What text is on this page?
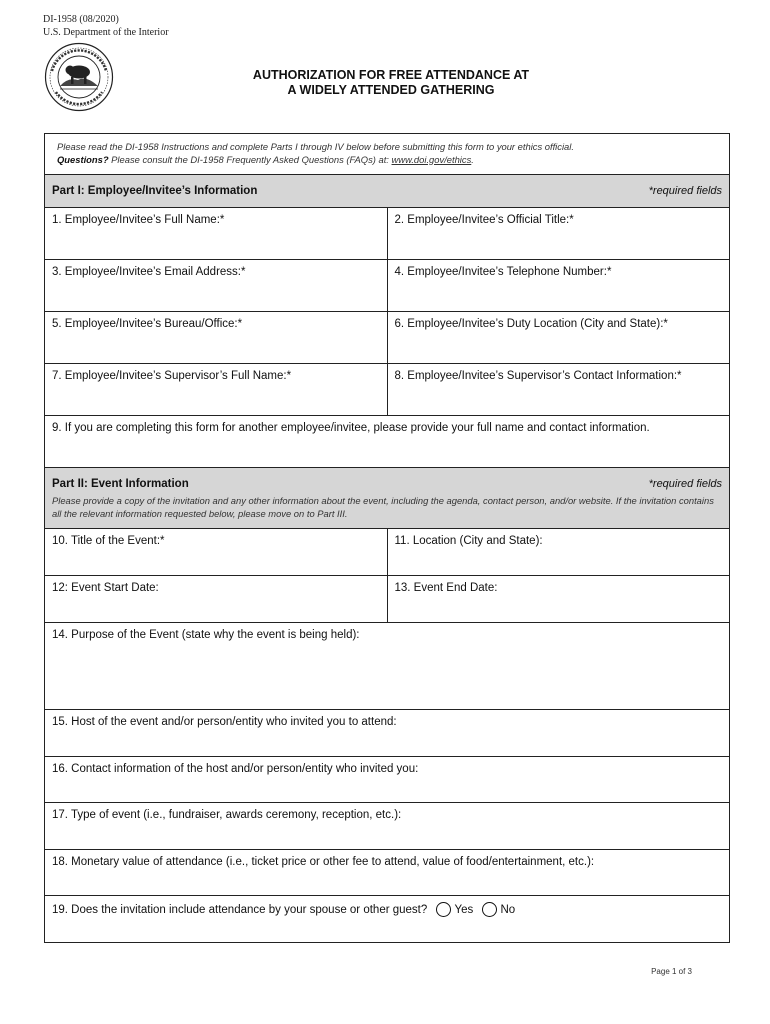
DI-1958 (08/2020)
U.S. Department of the Interior
AUTHORIZATION FOR FREE ATTENDANCE AT
A WIDELY ATTENDED GATHERING
Please read the DI-1958 Instructions and complete Parts I through IV below before submitting this form to your ethics official.
Questions? Please consult the DI-1958 Frequently Asked Questions (FAQs) at: www.doi.gov/ethics.
Part I: Employee/Invitee’s Information	*required fields
1. Employee/Invitee’s Full Name:*	2. Employee/Invitee’s Official Title:*
3. Employee/Invitee’s Email Address:*	4. Employee/Invitee’s Telephone Number:*
5. Employee/Invitee’s Bureau/Office:*	6. Employee/Invitee’s Duty Location (City and State):*
7. Employee/Invitee’s Supervisor’s Full Name:*	8. Employee/Invitee’s Supervisor’s Contact Information:*
9. If you are completing this form for another employee/invitee, please provide your full name and contact information.
Part II: Event Information	*required fields
Please provide a copy of the invitation and any other information about the event, including the agenda, contact person, and/or website. If the invitation contains all the relevant information requested below, please move on to Part III.
10. Title of the Event:*	11. Location (City and State):
12: Event Start Date:	13. Event End Date:
14. Purpose of the Event (state why the event is being held):
15. Host of the event and/or person/entity who invited you to attend:
16. Contact information of the host and/or person/entity who invited you:
17. Type of event (i.e., fundraiser, awards ceremony, reception, etc.):
18. Monetary value of attendance (i.e., ticket price or other fee to attend, value of food/entertainment, etc.):
19. Does the invitation include attendance by your spouse or other guest? Yes No
Page 1 of 3
